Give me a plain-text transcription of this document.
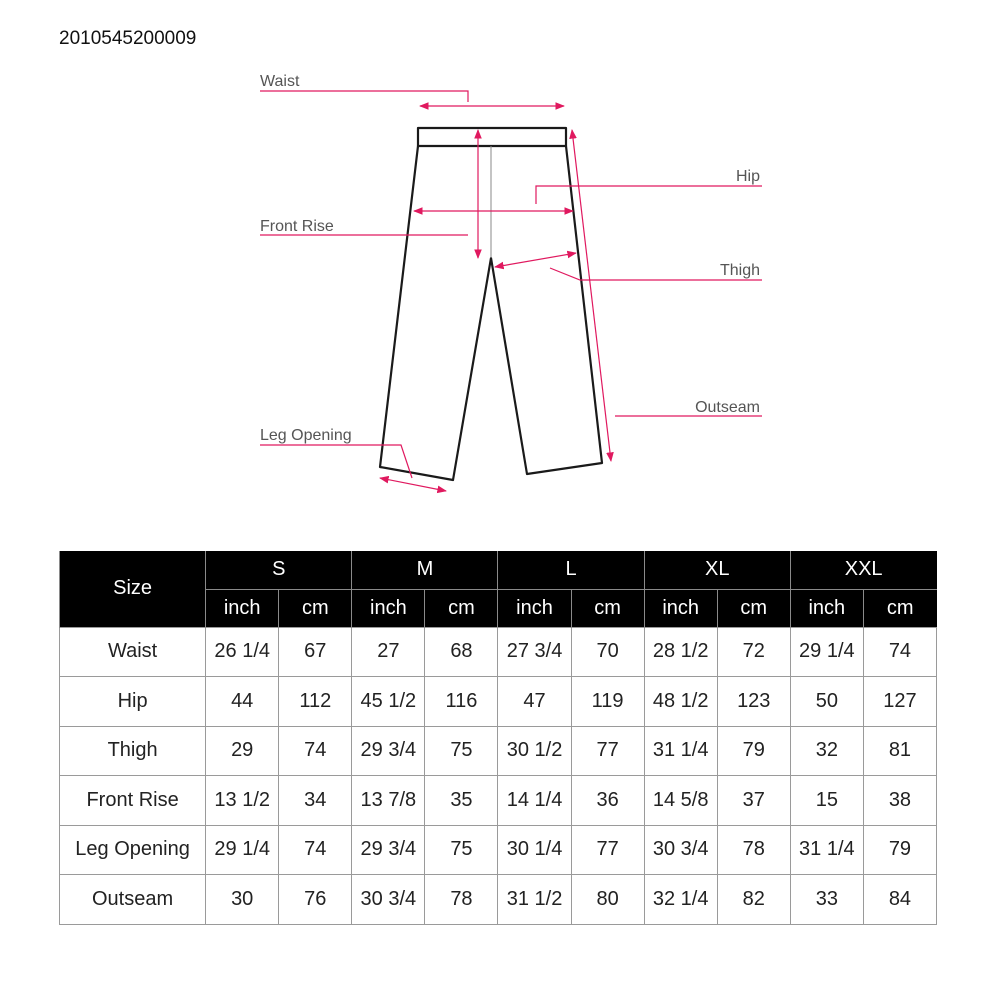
2010545200009
Waist
Hip
Front Rise
Thigh
Outseam
Leg Opening
Size	S		M		L		XL		XXL	
	inch	cm	inch	cm	inch	cm	inch	cm	inch	cm
Waist	26 1/4	67	27	68	27 3/4	70	28 1/2	72	29 1/4	74
Hip	44	112	45 1/2	116	47	119	48 1/2	123	50	127
Thigh	29	74	29 3/4	75	30 1/2	77	31 1/4	79	32	81
Front Rise	13 1/2	34	13 7/8	35	14 1/4	36	14 5/8	37	15	38
Leg Opening	29 1/4	74	29 3/4	75	30 1/4	77	30 3/4	78	31 1/4	79
Outseam	30	76	30 3/4	78	31 1/2	80	32 1/4	82	33	84
